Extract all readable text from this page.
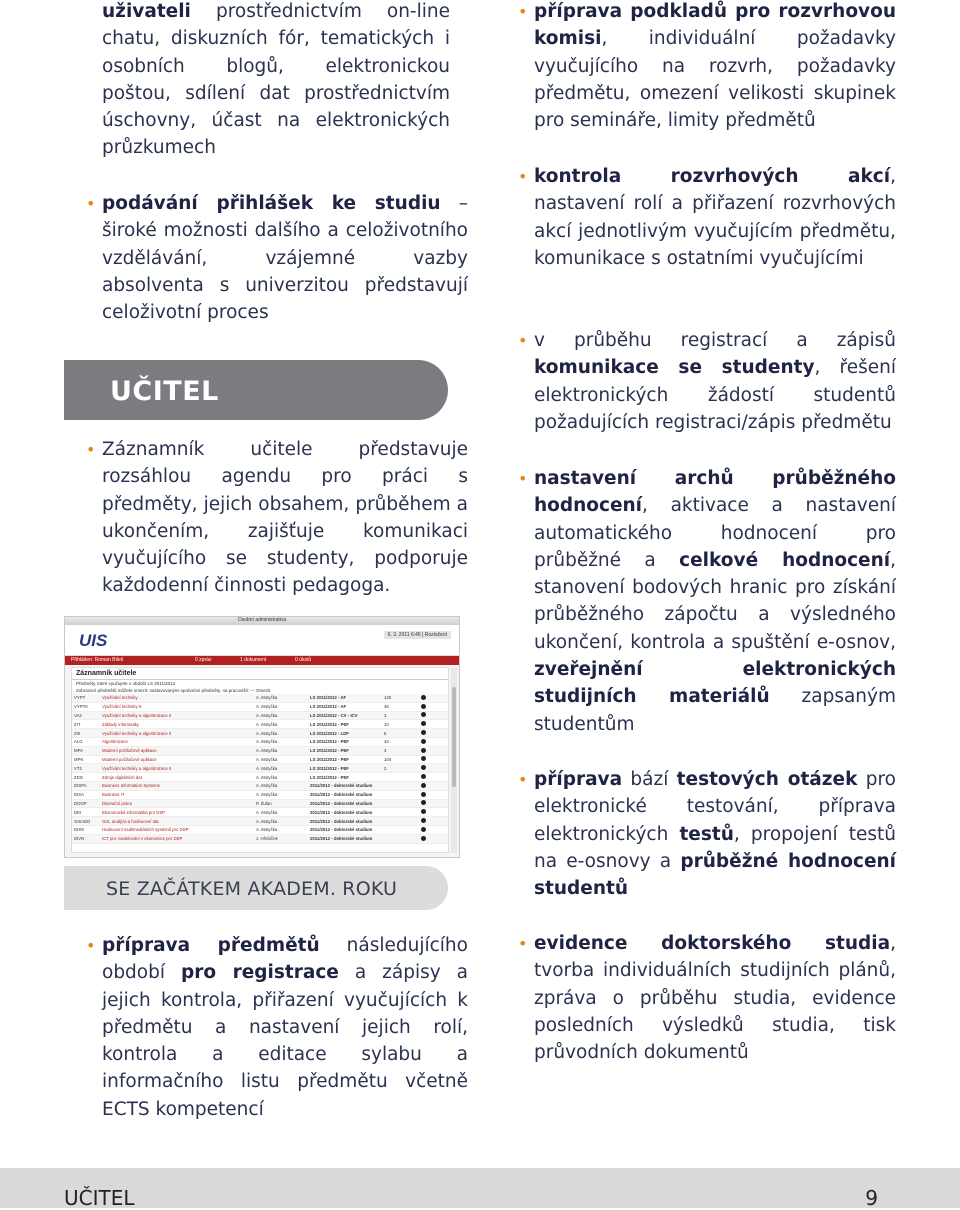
uživateli prostřednictvím on-line chatu, diskuzních fór, tematických i osobních blogů, elektronickou poštou, sdílení dat prostřednictvím úschovny, účast na elektronických průzkumech
• podávání přihlášek ke studiu – široké možnosti dalšího a celoživotního vzdělávání, vzájemné vazby absolventa s univerzitou představují celoživotní proces
UČITEL
• Záznamník učitele představuje rozsáhlou agendu pro práci s předměty, jejich obsahem, průběhem a ukončením, zajišťuje komunikaci vyučujícího se studenty, podporuje každodenní činnosti pedagoga.
Osobní administrativa
UIS	6. 3. 2011 6:45 | Rozložení
Přihlášen: Roman Bíleš	0 zpráv	1 dokument	0 úkolů
Záznamník učitele
Předměty, které vyučujete v období LS 2011/2012
Zobrazení předmětů můžete omezit: nastavovanými správními předměty, na pracovišti: --- Omezit
VYPT	Využívání techniky	A. Motyčka	LS 2011/2012 - AF	140	
VYPTK	Využívání techniky K	A. Motyčka	LS 2011/2012 - AF	46	
VA2	Využívání techniky a algoritmizace II	A. Motyčka	LS 2011/2012 - CV - ICV	3	
ZIT	Základy informatiky	A. Motyčka	LS 2011/2012 - PEF	10	
ZIII	Využívání techniky a algoritmizace II	A. Motyčka	LS 2011/2012 - LDF	5	
ALG	Algoritmizace	A. Motyčka	LS 2011/2012 - PEF	42	
MPA	Moderní počítačové aplikace	A. Motyčka	LS 2011/2012 - PEF	3	
MPK	Moderní počítačové aplikace	A. Motyčka	LS 2011/2012 - PEF	104	
VT2	Využívání techniky a algoritmizace II	A. Motyčka	LS 2011/2012 - PEF	2	
ZDG	Zdroje digitálních dat	A. Motyčka	LS 2011/2012 - PEF		
DISPA	Business Information Systems	A. Motyčka	2011/2012 - doktorské studium		
DISA	Business IT	A. Motyčka	2011/2012 - doktorské studium		
DOOP	Diserační práce	P. Žufan	2011/2012 - doktorské studium		
DEI	Ekonomická informatika pro DSP	A. Motyčka	2011/2012 - doktorské studium		
GISAED	GIS, analýza a hodnocení dat	A. Motyčka	2011/2012 - doktorské studium		
DHM	Hodnocení multimediálních systémů pro DSP	A. Motyčka	2011/2012 - doktorské studium		
DIVN	ICT pro modelování v ekonomice pro DSP	J. Hřebíček	2011/2012 - doktorské studium		
SE ZAČÁTKEM AKADEM. ROKU
• příprava předmětů následujícího období pro registrace a zápisy a jejich kontrola, přiřazení vyučujících k předmětu a nastavení jejich rolí, kontrola a editace sylabu a informačního listu předmětu včetně ECTS kompetencí
• příprava podkladů pro rozvrhovou komisi, individuální požadavky vyučujícího na rozvrh, požadavky předmětu, omezení velikosti skupinek pro semináře, limity předmětů
• kontrola rozvrhových akcí, nastavení rolí a přiřazení rozvrhových akcí jednotlivým vyučujícím předmětu, komunikace s ostatními vyučujícími
• v průběhu registrací a zápisů komunikace se studenty, řešení elektronických žádostí studentů požadujících registraci/zápis předmětu
• nastavení archů průběžného hodnocení, aktivace a nastavení automatického hodnocení pro průběžné a celkové hodnocení, stanovení bodových hranic pro získání průběžného zápočtu a výsledného ukončení, kontrola a spuštění e-osnov, zveřejnění elektronických studijních materiálů zapsaným studentům
• příprava bází testových otázek pro elektronické testování, příprava elektronických testů, propojení testů na e-osnovy a průběžné hodnocení studentů
• evidence doktorského studia, tvorba individuálních studijních plánů, zpráva o průběhu studia, evidence posledních výsledků studia, tisk průvodních dokumentů
UČITEL	9
